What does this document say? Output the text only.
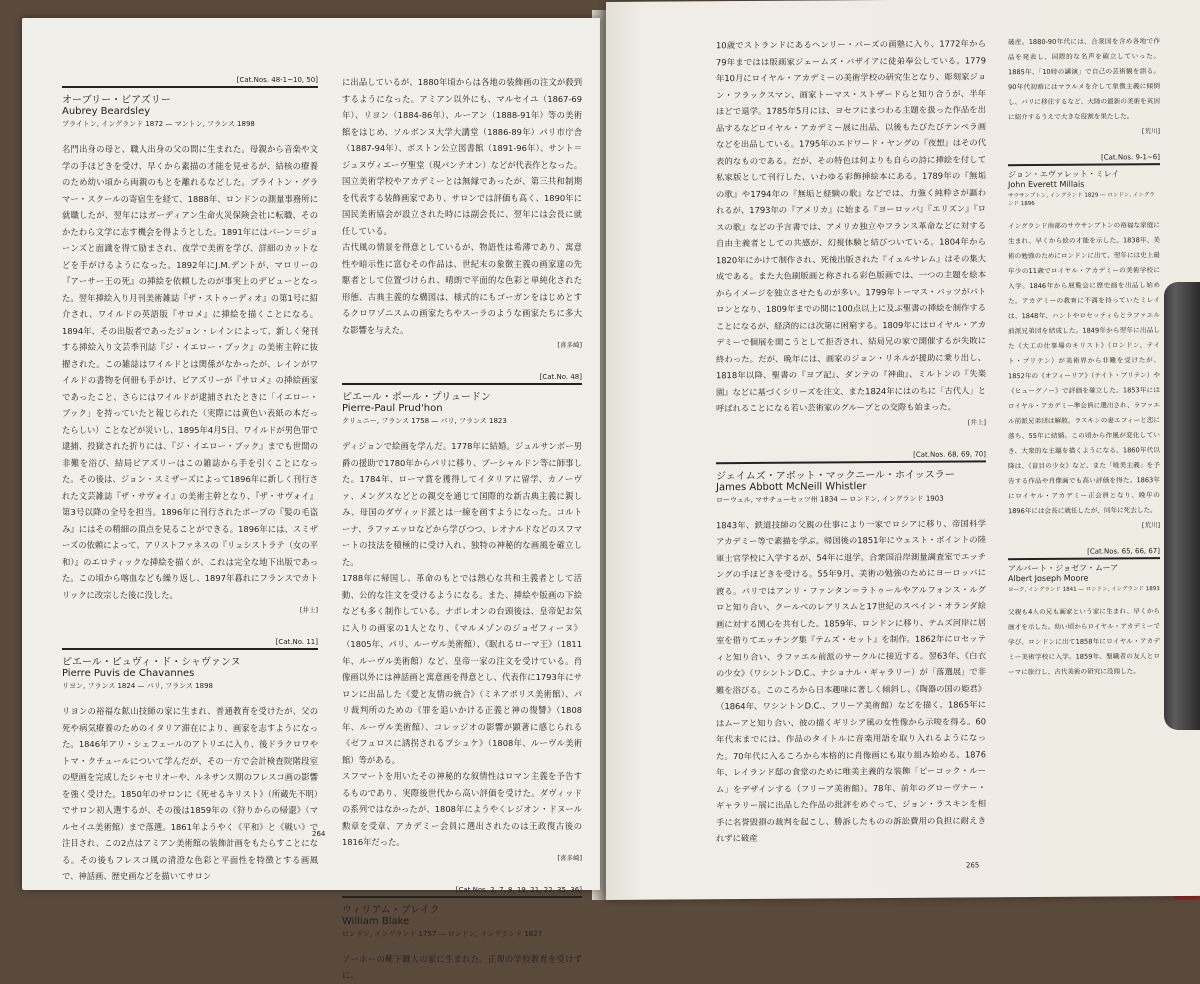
[Cat.Nos. 48-1~10, 50]
オーブリー・ビアズリー
Aubrey Beardsley
ブライトン, イングランド 1872 — マントン, フランス 1898

名門出身の母と、職人出身の父の間に生まれた。母親から音楽や文学の手ほどきを受け、早くから素描の才能を見せるが、結核の療養のため幼い頃から両親のもとを離れるなどした。ブライトン・グラマー・スクールの寄宿生を経て、1888年、ロンドンの測量事務所に就職したが、翌年にはガーディアン生命火災保険会社に転職、そのかたわら文学に志す機会を得ようとした。1891年にはバーン＝ジョーンズと面識を得て励まされ、夜学で美術を学び、詳細のカットなどを手がけるようになった。1892年にJ.M.デントが、マロリーの『アーサー王の死』の挿絵を依頼したのが事実上のデビューとなった。翌年挿絵入り月刊美術雑誌『ザ・ストゥーディオ』の第1号に紹介され、ワイルドの英語版『サロメ』に挿絵を描くことになる。1894年、その出版者であったジョン・レインによって、新しく発刊する挿絵入り文芸季刊誌『ジ・イエロー・ブック』の美術主幹に抜擢された。この雑誌はワイルドとは関係がなかったが、レインがワイルドの書物を何冊も手がけ、ビアズリーが『サロメ』の挿絵画家であったこと、さらにはワイルドが逮捕されたときに「イエロー・ブック」を持っていたと報じられた（実際には黄色い表紙の本だったらしい）ことなどが災いし、1895年4月5日、ワイルドが男色罪で逮捕、投獄された折りには、『ジ・イエロー・ブック』までも世間の非難を浴び、結局ビアズリーはこの雑誌から手を引くことになった。その後は、ジョン・スミザーズによって1896年に新しく刊行された文芸雑誌『ザ・サヴォイ』の美術主幹となり、『ザ・サヴォイ』第3号以降の全号を担当。1896年に刊行されたポープの『髪の毛盗み』にはその精細の頂点を見ることができる。1896年には、スミザーズの依頼によって、アリストファネスの『リュシストラテ（女の平和）』のエロティックな挿絵を描くが、これは完全な地下出版であった。この頃から喀血なども繰り返し、1897年暮れにフランスでカトリックに改宗した後に没した。

[井上]
[Cat.No. 11]
ピエール・ピュヴィ・ド・シャヴァンヌ
Pierre Puvis de Chavannes
リヨン, フランス 1824 — パリ, フランス 1898

リヨンの裕福な鉱山技師の家に生まれ、普通教育を受けたが、父の死や病気療養のためのイタリア滞在により、画家を志すようになった。1846年アリ・シェフェールのアトリエに入り、後ドラクロワやトマ・クチュールについて学んだが、その一方で会計検査院階段室の壁画を完成したシャセリオーや、ルネサンス期のフレスコ画の影響を強く受けた。1850年のサロンに《死せるキリスト》（所蔵先不明）でサロン初入選するが、その後は1859年の《狩りからの帰還》（マルセイユ美術館）まで落選。1861年ようやく《平和》と《戦い》で注目され、この2点はアミアン美術館の装飾計画をもたらすことになる。その後もフレスコ風の清澄な色彩と平面性を特徴とする画風で、神話画、歴史画などを描いてサロン

に出品しているが、1880年頃からは各地の装飾画の注文が殺到するようになった。アミアン以外にも、マルセイユ（1867-69年）、リヨン（1884-86年）、ルーアン（1888-91年）等の美術館をはじめ、ソルボンヌ大学大講堂（1886-89年）パリ市庁舎（1887-94年）、ボストン公立図書館（1891-96年）、サント＝ジュヌヴィエーヴ聖堂（現パンテオン）などが代表作となった。国立美術学校やアカデミーとは無縁であったが、第三共和制期を代表する装飾画家であり、サロンでは評価も高く、1890年に国民美術協会が設立された時には副会長に、翌年には会長に就任している。
古代風の情景を得意としているが、物語性は希薄であり、寓意性や暗示性に富むその作品は、世紀末の象徴主義の画家達の先駆者として位置づけられ、晴朗で平面的な色彩と単純化された形態、古典主義的な構図は、様式的にもゴーガンをはじめとするクロワゾニスムの画家たちやスーラのような画家たちに多大な影響を与えた。

[喜多崎]
[Cat.No. 48]
ピエール・ポール・プリュードン
Pierre-Paul Prud'hon
クリュニー, フランス 1758 — パリ, フランス 1823

ディジョンで絵画を学んだ。1778年に結婚。ジュルサンボー男爵の援助で1780年からパリに移り、ブーシャルドン等に師事した。1784年、ローマ賞を獲得してイタリアに留学、カノーヴァ、メングスなどとの親交を通じて国際的な新古典主義に親しみ、母国のダヴィッド派とは一線を画すようになった。コルトーナ、ラファエッロなどから学びつつ、レオナルドなどのスフマートの技法を積極的に受け入れ、独特の神秘的な画風を確立した。
1788年に帰国し、革命のもとでは熱心な共和主義者として活動、公的な注文を受けるようになる。また、挿絵や版画の下絵なども多く制作している。ナポレオンの台頭後は、皇帝妃お気に入りの画家の1人となり、《マルメゾンのジョゼフィーヌ》（1805年、パリ、ルーヴル美術館）、《眠れるローマ王》（1811年、ルーヴル美術館）など、皇帝一家の注文を受けている。肖像画以外には神話画と寓意画を得意とし、代表作に1793年にサロンに出品した《愛と友情の統合》（ミネアポリス美術館）、パリ裁判所のための《罪を追いかける正義と神の復讐》（1808年、ルーヴル美術館）、コレッジオの影響が顕著に感じられる《ゼフュロスに誘拐されるプシュケ》（1808年、ルーヴル美術館）等がある。
スフマートを用いたその神秘的な叙情性はロマン主義を予告するものであり、実際後世代から高い評価を受けた。ダヴィッドの系列ではなかったが、1808年にようやくレジオン・ドヌール勲章を受章、アカデミー会員に選出されたのは王政復古後の1816年だった。

[喜多崎]
[Cat.Nos. 2, 7, 8, 19, 21, 22, 35, 36]
ウィリアム・ブレイク
William Blake
ロンドン, イングランド 1757 — ロンドン, イングランド 1827

ソーホーの靴下職人の家に生まれた。正規の学校教育を受けずに、

264

10歳でストランドにあるヘンリー・パーズの画塾に入り、1772年から79年まではは版画家ジェームズ・バザイアに徒弟奉公している。1779年10月にロイヤル・アカデミーの美術学校の研究生となり、彫刻家ジョン・フラックスマン、画家トーマス・ストザードらと知り合うが、半年ほどで退学。1785年5月には、ヨセフにまつわる主題を扱った作品を出品するなどロイヤル・アカデミー展に出品、以後もたびたびテンペラ画などを出品している。1795年のエドワード・ヤングの『夜想』はその代表的なものである。だが、その特色は何よりも自らの詩に挿絵を付して私家版として刊行した、いわゆる彩飾挿絵本にある。1789年の『無垢の歌』や1794年の『無垢と経験の歌』などでは、力強く純粋さが謳われるが、1793年の『アメリカ』に始まる『ヨーロッパ』『エリズン』『ロスの歌』などの予言書では、アメリカ独立やフランス革命などに対する自由主義者としての共感が、幻視体験と結びついている。1804年から1820年にかけて制作され、死後出版された『イェルサレム』はその集大成である。また大色刷版画と称される彩色版画では、一つの主題を絵本からイメージを独立させたものが多い。1799年トーマス・バッツがパトロンとなり、1809年までの間に100点以上に及ぶ聖書の挿絵を制作することになるが、経済的には次第に困窮する。1809年にはロイヤル・アカデミーで個展を開こうとして拒否され、結局兄の家で開催するが失敗に終わった。だが、晩年には、画家のジョン・リネルが援助に乗り出し、1818年以降、聖書の『ヨブ記』、ダンテの『神曲』、ミルトンの『失楽園』などに基づくシリーズを注文、また1824年にはのちに「古代人」と呼ばれることになる若い芸術家のグループとの交際も始まった。

[井上]
[Cat.Nos. 68, 69, 70]
ジェイムズ・アボット・マックニール・ホイッスラー
James Abbott McNeill Whistler
ローウェル, マサチューセッツ州 1834 — ロンドン, イングランド 1903

1843年、鉄道技師の父親の仕事により一家でロシアに移り、帝国科学アカデミー等で素描を学ぶ。帰国後の1851年にウェスト・ポイントの陸軍士官学校に入学するが、54年に退学。合衆国沿岸測量調査室でエッチングの手ほどきを受ける。55年9月、美術の勉強のためにヨーロッパに渡る。パリではアンリ・ファンタン＝ラトゥールやアルフォンス・ルグロと知り合い、クールベのレアリスムと17世紀のスペイン・オランダ絵画に対する関心を共有した。1859年、ロンドンに移り、テムズ河岸に居室を借りてエッチング集『テムズ・セット』を制作。1862年にロセッティと知り合い、ラファエル前派のサークルに接近する。翌63年、《白衣の少女》（ワシントンD.C.、ナショナル・ギャラリー）が「落選展」で非難を浴びる。このころから日本趣味に著しく傾斜し、《陶器の国の姫君》（1864年、ワシントンD.C.、フリーア美術館）などを描く。1865年にはムーアと知り合い、彼の描くギリシア風の女性像から示唆を得る。60年代末までには、作品のタイトルに音楽用語を取り入れるようになった。70年代に入るころから本格的に肖像画にも取り組み始める。1876年、レイランド邸の食堂のために唯美主義的な装飾「ピーコック・ルーム」をデザインする（フリーア美術館）。78年、前年のグローヴナー・ギャラリー展に出品した作品の批評をめぐって、ジョン・ラスキンを相手に名誉毀損の裁判を起こし、勝訴したものの訴訟費用の負担に耐えきれずに破産

破産。1880-90年代には、合衆国を含め各地で作品を発表し、国際的な名声を確立していった。1885年、「10時の講演」で自己の芸術観を語る。90年代初頭にはマラルメを介して象徴主義に傾倒し、パリに移住するなど、大陸の最新の美術を英国に紹介するうえで大きな役割を果たした。

[荒川]
[Cat.Nos. 9-1~6]
ジョン・エヴァレット・ミレイ
John Everett Millais
サウサンプトン, イングランド 1829 — ロンドン, イングランド 1896

イングランド南部のサウサンプトンの裕福な家庭に生まれ、早くから絵の才能を示した。1838年、美術の勉強のためにロンドンに出て、翌年には史上最年少の11歳でロイヤル・アカデミーの美術学校に入学。1846年から展覧会に歴史画を出品し始めた。アカデミーの教育に不満を持っていたミレイは、1848年、ハントやロセッティらとラファエル前派兄弟団を結成した。1849年から翌年に出品した《大工の仕事場のキリスト》（ロンドン、テイト・ブリテン）が美術界から非難を受けたが、1852年の《オフィーリア》（テイト・ブリテン）や《ヒューグノー》で評価を確立した。1853年にはロイヤル・アカデミー準会員に選出され、ラファエル前派兄弟団は解散。ラスキンの妻エフィーと恋に落ち、55年に結婚。この頃から作風が変化していき、大衆的な主題を描くようになる。1860年代以降は、《盲目の少女》など、また「唯美主義」を予告する作品や肖像画でも高い評価を得た。1863年にロイヤル・アカデミー正会員となり、晩年の1896年には会長に就任したが、同年に死去した。

[荒川]
[Cat.Nos. 65, 66, 67]
アルバート・ジョゼフ・ムーア
Albert Joseph Moore
ヨーク, イングランド 1841 — ロンドン, イングランド 1893

父親も4人の兄も画家という家に生まれ、早くから画才を示した。幼い頃からロイヤル・アカデミーで学び、ロンドンに出て1858年にロイヤル・アカデミー美術学校に入学。1859年、聖職者の友人とローマに旅行し、古代美術の研究に没頭した。

265
